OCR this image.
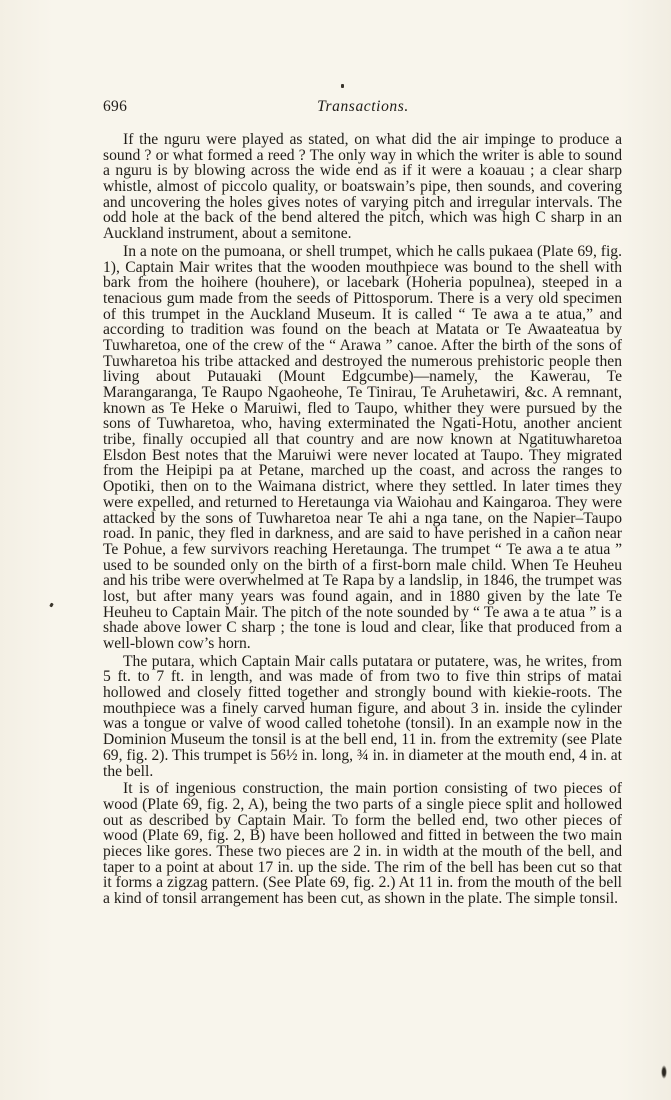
696	Transactions.

If the nguru were played as stated, on what did the air impinge to produce a sound ? or what formed a reed ? The only way in which the writer is able to sound a nguru is by blowing across the wide end as if it were a koauau ; a clear sharp whistle, almost of piccolo quality, or boatswain’s pipe, then sounds, and covering and uncovering the holes gives notes of varying pitch and irregular intervals. The odd hole at the back of the bend altered the pitch, which was high C sharp in an Auckland instrument, about a semitone.

In a note on the pumoana, or shell trumpet, which he calls pukaea (Plate 69, fig. 1), Captain Mair writes that the wooden mouthpiece was bound to the shell with bark from the hoihere (houhere), or lacebark (Hoheria populnea), steeped in a tenacious gum made from the seeds of Pittosporum. There is a very old specimen of this trumpet in the Auckland Museum. It is called “ Te awa a te atua,” and according to tradition was found on the beach at Matata or Te Awaateatua by Tuwharetoa, one of the crew of the “ Arawa ” canoe. After the birth of the sons of Tuwharetoa his tribe attacked and destroyed the numerous prehistoric people then living about Putauaki (Mount Edgcumbe)—namely, the Kawerau, Te Marangaranga, Te Raupo Ngaoheohe, Te Tinirau, Te Aruhetawiri, &c. A remnant, known as Te Heke o Maruiwi, fled to Taupo, whither they were pursued by the sons of Tuwharetoa, who, having exterminated the Ngati-Hotu, another ancient tribe, finally occupied all that country and are now known at Ngatituwharetoa Elsdon Best notes that the Maruiwi were never located at Taupo. They migrated from the Heipipi pa at Petane, marched up the coast, and across the ranges to Opotiki, then on to the Waimana district, where they settled. In later times they were expelled, and returned to Heretaunga via Waiohau and Kaingaroa. They were attacked by the sons of Tuwharetoa near Te ahi a nga tane, on the Napier–Taupo road. In panic, they fled in darkness, and are said to have perished in a cañon near Te Pohue, a few survivors reaching Heretaunga. The trumpet “ Te awa a te atua ” used to be sounded only on the birth of a first-born male child. When Te Heuheu and his tribe were overwhelmed at Te Rapa by a landslip, in 1846, the trumpet was lost, but after many years was found again, and in 1880 given by the late Te Heuheu to Captain Mair. The pitch of the note sounded by “ Te awa a te atua ” is a shade above lower C sharp ; the tone is loud and clear, like that produced from a well-blown cow’s horn.

The putara, which Captain Mair calls putatara or putatere, was, he writes, from 5 ft. to 7 ft. in length, and was made of from two to five thin strips of matai hollowed and closely fitted together and strongly bound with kiekie-roots. The mouthpiece was a finely carved human figure, and about 3 in. inside the cylinder was a tongue or valve of wood called tohetohe (tonsil). In an example now in the Dominion Museum the tonsil is at the bell end, 11 in. from the extremity (see Plate 69, fig. 2). This trumpet is 56½ in. long, ¾ in. in diameter at the mouth end, 4 in. at the bell.

It is of ingenious construction, the main portion consisting of two pieces of wood (Plate 69, fig. 2, A), being the two parts of a single piece split and hollowed out as described by Captain Mair. To form the belled end, two other pieces of wood (Plate 69, fig. 2, B) have been hollowed and fitted in between the two main pieces like gores. These two pieces are 2 in. in width at the mouth of the bell, and taper to a point at about 17 in. up the side. The rim of the bell has been cut so that it forms a zigzag pattern. (See Plate 69, fig. 2.) At 11 in. from the mouth of the bell a kind of tonsil arrangement has been cut, as shown in the plate. The simple tonsil.
